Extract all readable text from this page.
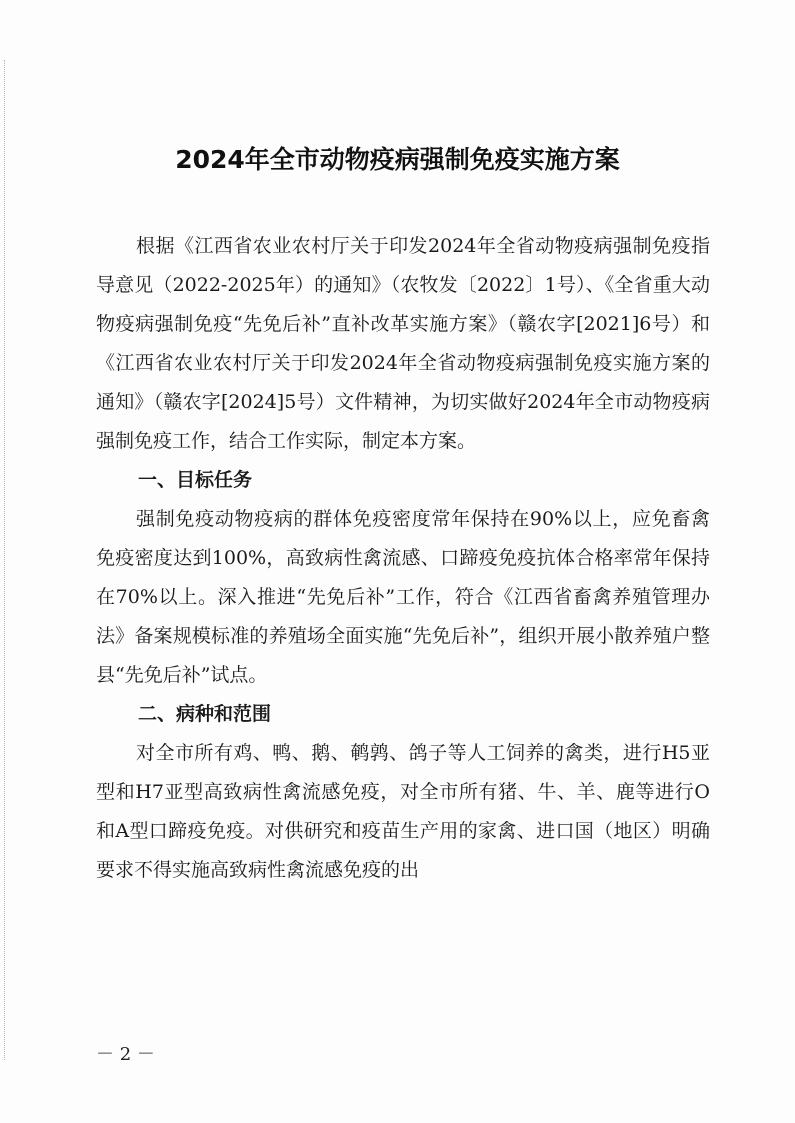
2024年全市动物疫病强制免疫实施方案

根据《江西省农业农村厅关于印发2024年全省动物疫病强制免疫指导意见（2022-2025年）的通知》（农牧发〔2022〕1号）、《全省重大动物疫病强制免疫“先免后补”直补改革实施方案》（赣农字[2021]6号）和《江西省农业农村厅关于印发2024年全省动物疫病强制免疫实施方案的通知》（赣农字[2024]5号）文件精神，为切实做好2024年全市动物疫病强制免疫工作，结合工作实际，制定本方案。

一、目标任务

强制免疫动物疫病的群体免疫密度常年保持在90%以上，应免畜禽免疫密度达到100%，高致病性禽流感、口蹄疫免疫抗体合格率常年保持在70%以上。深入推进“先免后补”工作，符合《江西省畜禽养殖管理办法》备案规模标准的养殖场全面实施“先免后补”，组织开展小散养殖户整县“先免后补”试点。

二、病种和范围

对全市所有鸡、鸭、鹅、鹌鹑、鸽子等人工饲养的禽类，进行H5亚型和H7亚型高致病性禽流感免疫，对全市所有猪、牛、羊、鹿等进行O和A型口蹄疫免疫。对供研究和疫苗生产用的家禽、进口国（地区）明确要求不得实施高致病性禽流感免疫的出

－ 2 －
